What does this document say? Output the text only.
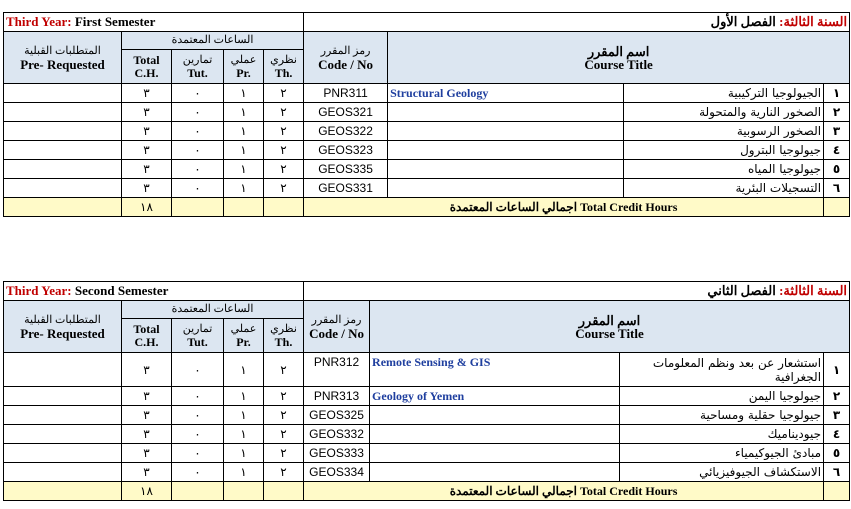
Third Year: First Semester					السنة الثالثة: الفصل الأول			

المتطلبات القبلية
Pre- Requested	الساعات المعتمدة				رمز المقرر
Code / No	اسم المقرر
Course Title		
	Total
C.H.	تمارين
Tut.	عملي
Pr.	نظري
Th.				
	٣	٠	١	٢	PNR311	Structural Geology	الجيولوجيا التركيبية	١
	٣	٠	١	٢	GEOS321		الصخور النارية والمتحولة	٢
	٣	٠	١	٢	GEOS322		الصخور الرسوبية	٣
	٣	٠	١	٢	GEOS323		جيولوجيا البترول	٤
	٣	٠	١	٢	GEOS335		جيولوجيا المياه	٥
	٣	٠	١	٢	GEOS331		التسجيلات البئرية	٦
	١٨				اجمالي الساعات المعتمدة Total Credit Hours			
Third Year: Second Semester					السنة الثالثة: الفصل الثاني			

المتطلبات القبلية
Pre- Requested	الساعات المعتمدة				رمز المقرر
Code / No	اسم المقرر
Course Title		
	Total
C.H.	تمارين
Tut.	عملي
Pr.	نظري
Th.				
	٣	٠	١	٢	PNR312	Remote Sensing & GIS	استشعار عن بعد ونظم المعلومات الجغرافية	١
	٣	٠	١	٢	PNR313	Geology of Yemen	جيولوجيا اليمن	٢
	٣	٠	١	٢	GEOS325		جيولوجيا حقلية ومساحية	٣
	٣	٠	١	٢	GEOS332		جيوديناميك	٤
	٣	٠	١	٢	GEOS333		مبادئ الجيوكيمياء	٥
	٣	٠	١	٢	GEOS334		الاستكشاف الجيوفيزيائي	٦
	١٨				اجمالي الساعات المعتمدة Total Credit Hours			
